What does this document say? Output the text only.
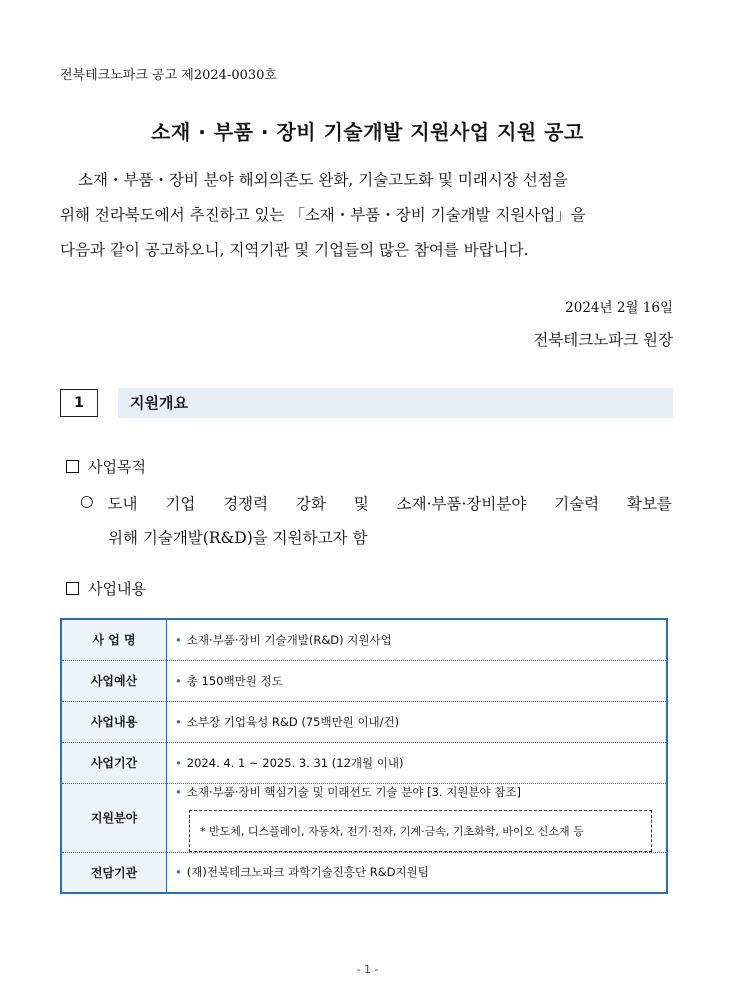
전북테크노파크 공고 제2024-0030호
소재 · 부품 · 장비 기술개발 지원사업 지원 공고
소재・부품・장비 분야 해외의존도 완화, 기술고도화 및 미래시장 선점을
위해 전라북도에서 추진하고 있는 「소재・부품・장비 기술개발 지원사업」을
다음과 같이 공고하오니, 지역기관 및 기업들의 많은 참여를 바랍니다.
2024년 2월 16일
전북테크노파크 원장
1	지원개요
사업목적
○ 도내 기업 경쟁력 강화 및 소재·부품·장비분야 기술력 확보를
위해 기술개발(R&D)을 지원하고자 함
사업내용
사 업 명	• 소재·부품·장비 기술개발(R&D) 지원사업
사업예산	• 총 150백만원 정도
사업내용	• 소부장 기업육성 R&D (75백만원 이내/건)
사업기간	• 2024. 4. 1 ~ 2025. 3. 31 (12개월 이내)
지원분야	• 소재·부품·장비 핵심기술 및 미래선도 기술 분야 [3. 지원분야 참조]
* 반도체, 디스플레이, 자동차, 전기·전자, 기계·금속, 기초화학, 바이오 신소재 등

전담기관	• (재)전북테크노파크 과학기술진흥단 R&D지원팀
- 1 -
